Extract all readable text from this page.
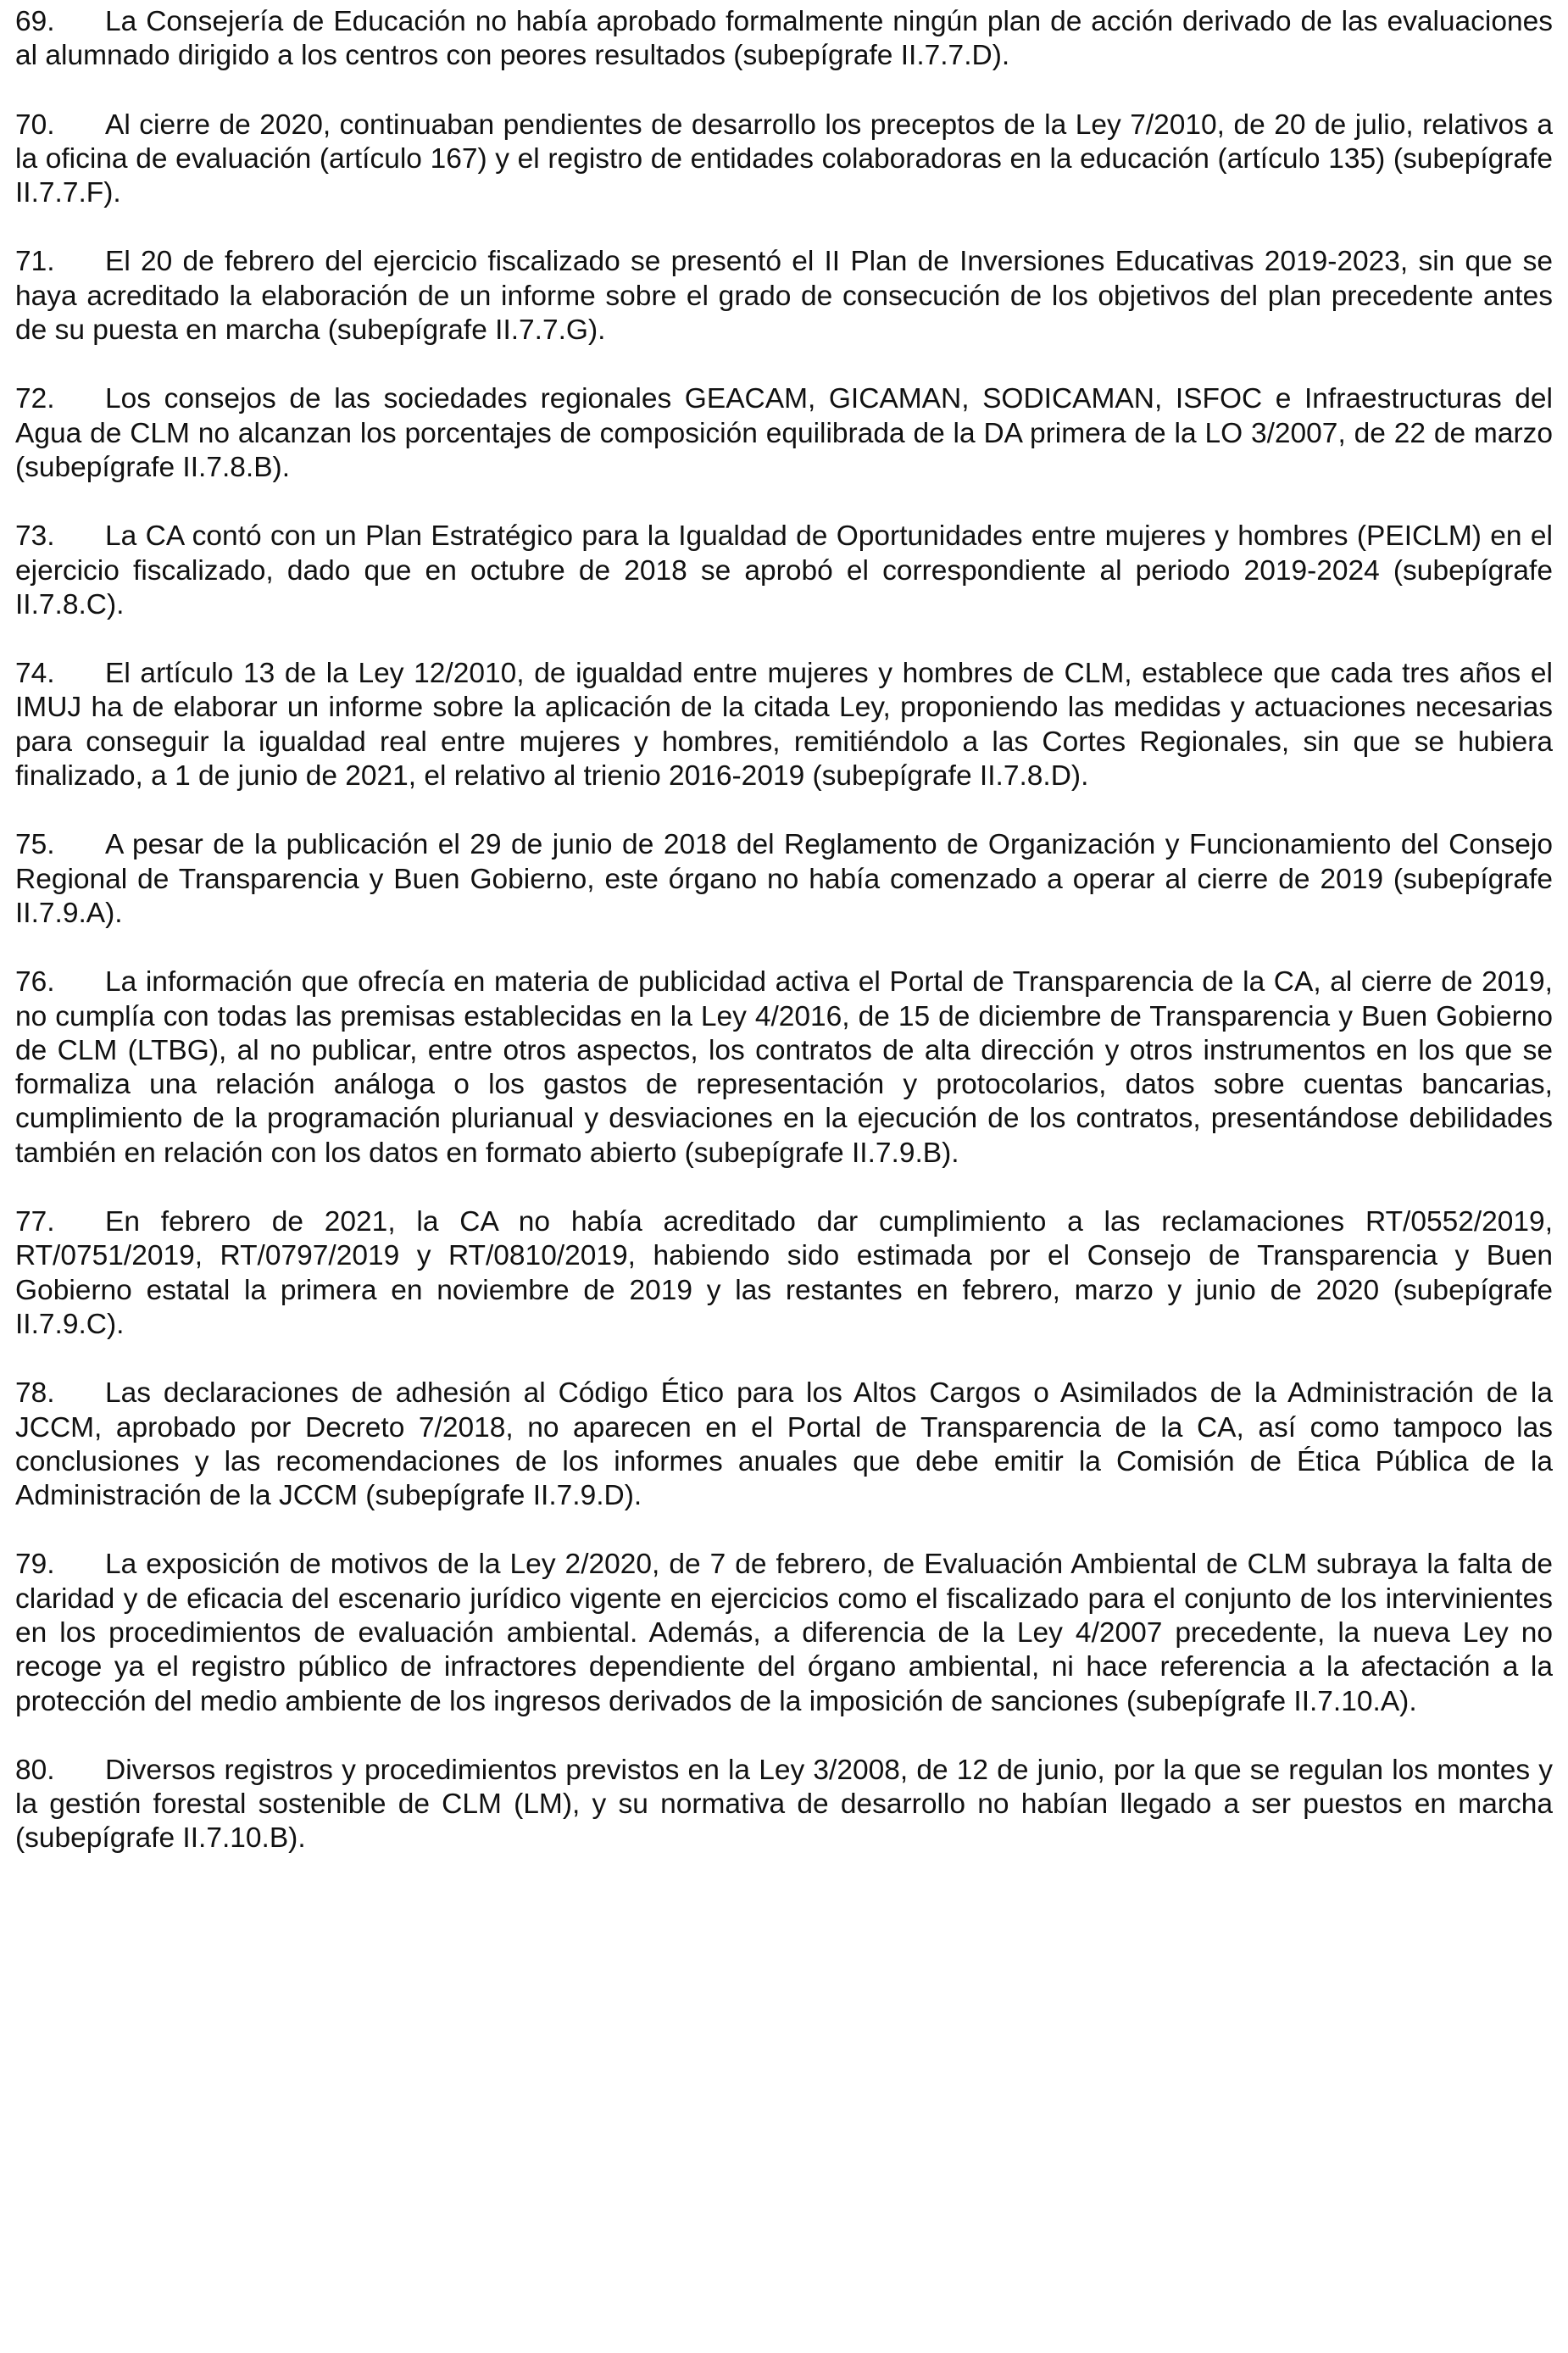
69. La Consejería de Educación no había aprobado formalmente ningún plan de acción derivado de las evaluaciones al alumnado dirigido a los centros con peores resultados (subepígrafe II.7.7.D).

70. Al cierre de 2020, continuaban pendientes de desarrollo los preceptos de la Ley 7/2010, de 20 de julio, relativos a la oficina de evaluación (artículo 167) y el registro de entidades colaboradoras en la educación (artículo 135) (subepígrafe II.7.7.F).

71. El 20 de febrero del ejercicio fiscalizado se presentó el II Plan de Inversiones Educativas 2019-2023, sin que se haya acreditado la elaboración de un informe sobre el grado de consecución de los objetivos del plan precedente antes de su puesta en marcha (subepígrafe II.7.7.G).

72. Los consejos de las sociedades regionales GEACAM, GICAMAN, SODICAMAN, ISFOC e Infraestructuras del Agua de CLM no alcanzan los porcentajes de composición equilibrada de la DA primera de la LO 3/2007, de 22 de marzo (subepígrafe II.7.8.B).

73. La CA contó con un Plan Estratégico para la Igualdad de Oportunidades entre mujeres y hombres (PEICLM) en el ejercicio fiscalizado, dado que en octubre de 2018 se aprobó el correspondiente al periodo 2019-2024 (subepígrafe II.7.8.C).

74. El artículo 13 de la Ley 12/2010, de igualdad entre mujeres y hombres de CLM, establece que cada tres años el IMUJ ha de elaborar un informe sobre la aplicación de la citada Ley, proponiendo las medidas y actuaciones necesarias para conseguir la igualdad real entre mujeres y hombres, remitiéndolo a las Cortes Regionales, sin que se hubiera finalizado, a 1 de junio de 2021, el relativo al trienio 2016-2019 (subepígrafe II.7.8.D).

75. A pesar de la publicación el 29 de junio de 2018 del Reglamento de Organización y Funcionamiento del Consejo Regional de Transparencia y Buen Gobierno, este órgano no había comenzado a operar al cierre de 2019 (subepígrafe II.7.9.A).

76. La información que ofrecía en materia de publicidad activa el Portal de Transparencia de la CA, al cierre de 2019, no cumplía con todas las premisas establecidas en la Ley 4/2016, de 15 de diciembre de Transparencia y Buen Gobierno de CLM (LTBG), al no publicar, entre otros aspectos, los contratos de alta dirección y otros instrumentos en los que se formaliza una relación análoga o los gastos de representación y protocolarios, datos sobre cuentas bancarias, cumplimiento de la programación plurianual y desviaciones en la ejecución de los contratos, presentándose debilidades también en relación con los datos en formato abierto (subepígrafe II.7.9.B).

77. En febrero de 2021, la CA no había acreditado dar cumplimiento a las reclamaciones RT/0552/2019, RT/0751/2019, RT/0797/2019 y RT/0810/2019, habiendo sido estimada por el Consejo de Transparencia y Buen Gobierno estatal la primera en noviembre de 2019 y las restantes en febrero, marzo y junio de 2020 (subepígrafe II.7.9.C).

78. Las declaraciones de adhesión al Código Ético para los Altos Cargos o Asimilados de la Administración de la JCCM, aprobado por Decreto 7/2018, no aparecen en el Portal de Transparencia de la CA, así como tampoco las conclusiones y las recomendaciones de los informes anuales que debe emitir la Comisión de Ética Pública de la Administración de la JCCM (subepígrafe II.7.9.D).

79. La exposición de motivos de la Ley 2/2020, de 7 de febrero, de Evaluación Ambiental de CLM subraya la falta de claridad y de eficacia del escenario jurídico vigente en ejercicios como el fiscalizado para el conjunto de los intervinientes en los procedimientos de evaluación ambiental. Además, a diferencia de la Ley 4/2007 precedente, la nueva Ley no recoge ya el registro público de infractores dependiente del órgano ambiental, ni hace referencia a la afectación a la protección del medio ambiente de los ingresos derivados de la imposición de sanciones (subepígrafe II.7.10.A).

80. Diversos registros y procedimientos previstos en la Ley 3/2008, de 12 de junio, por la que se regulan los montes y la gestión forestal sostenible de CLM (LM), y su normativa de desarrollo no habían llegado a ser puestos en marcha (subepígrafe II.7.10.B).
